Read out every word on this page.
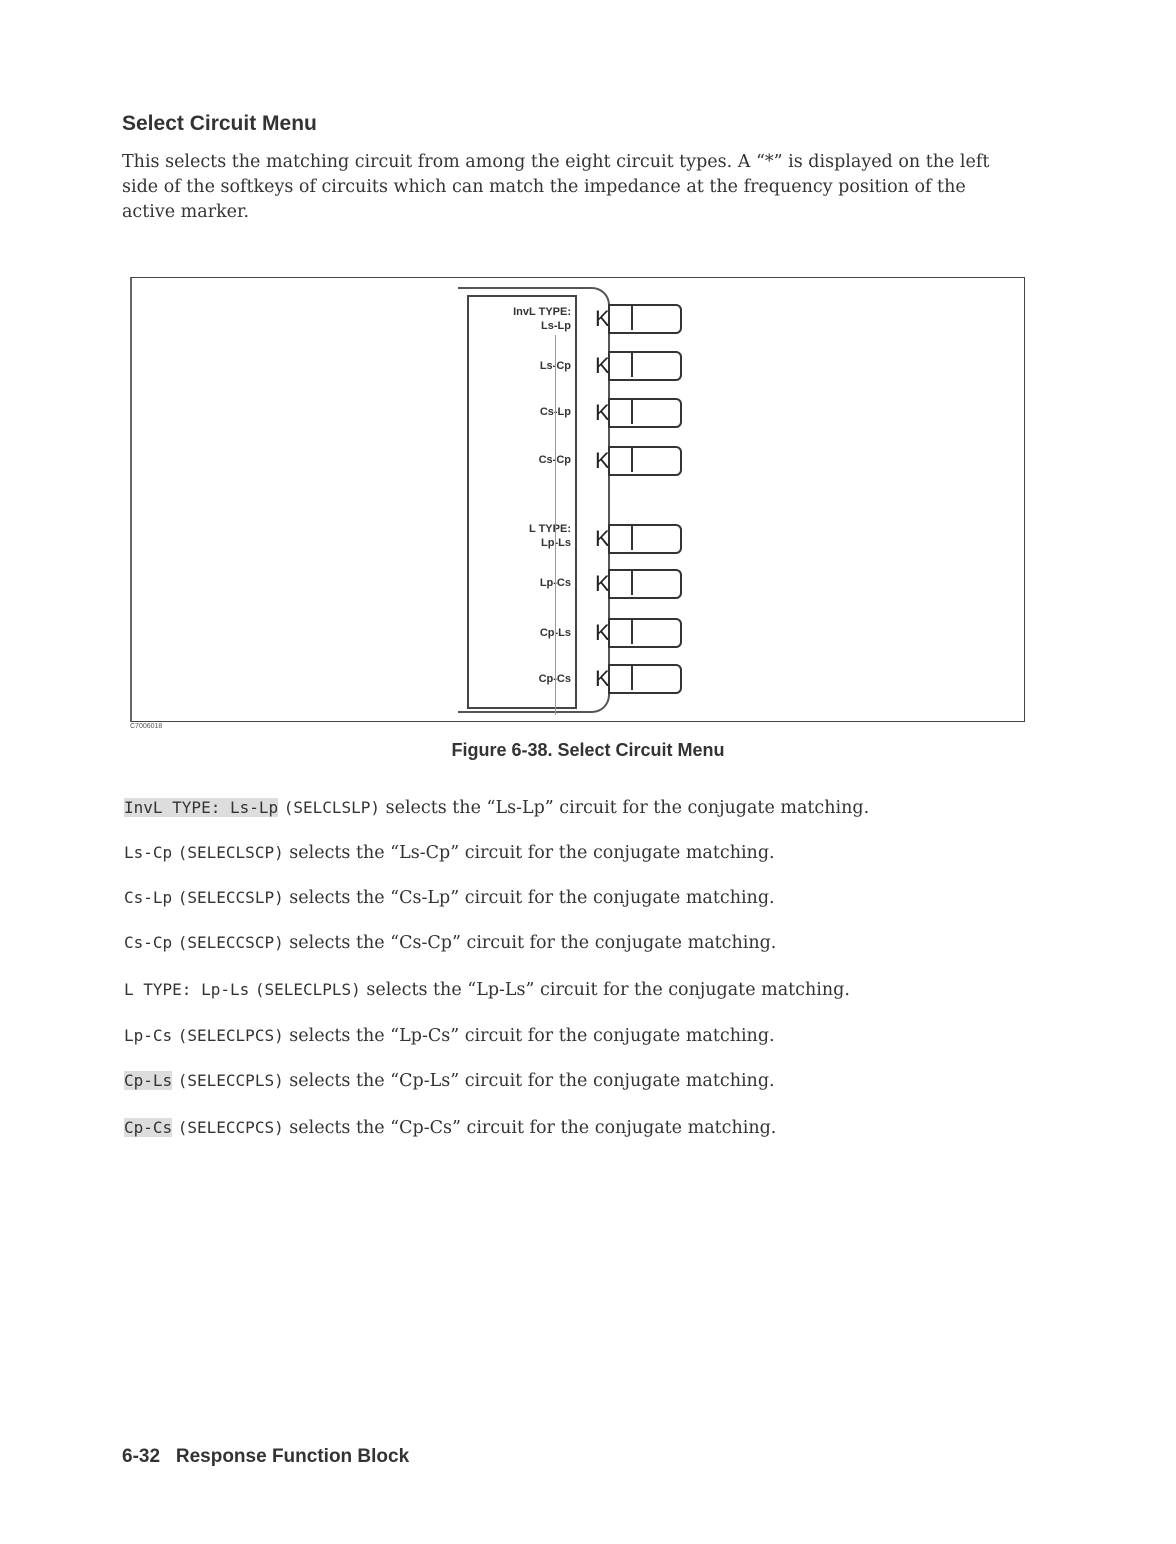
Select Circuit Menu
This selects the matching circuit from among the eight circuit types. A “*” is displayed on the left side of the softkeys of circuits which can match the impedance at the frequency position of the active marker.
InvL TYPE:
Ls-Lp
Ls-Cp
Cs-Lp
Cs-Cp
L TYPE:
Lp-Ls
Lp-Cs
Cp-Ls
Cp-Cs
K
K
K
K
K
K
K
K
C7006018
Figure 6-38. Select Circuit Menu
InvL TYPE: Ls-Lp (SELCLSLP) selects the “Ls-Lp” circuit for the conjugate matching.
Ls-Cp (SELECLSCP) selects the “Ls-Cp” circuit for the conjugate matching.
Cs-Lp (SELECCSLP) selects the “Cs-Lp” circuit for the conjugate matching.
Cs-Cp (SELECCSCP) selects the “Cs-Cp” circuit for the conjugate matching.
L TYPE: Lp-Ls (SELECLPLS) selects the “Lp-Ls” circuit for the conjugate matching.
Lp-Cs (SELECLPCS) selects the “Lp-Cs” circuit for the conjugate matching.
Cp-Ls (SELECCPLS) selects the “Cp-Ls” circuit for the conjugate matching.
Cp-Cs (SELECCPCS) selects the “Cp-Cs” circuit for the conjugate matching.
6-32   Response Function Block
